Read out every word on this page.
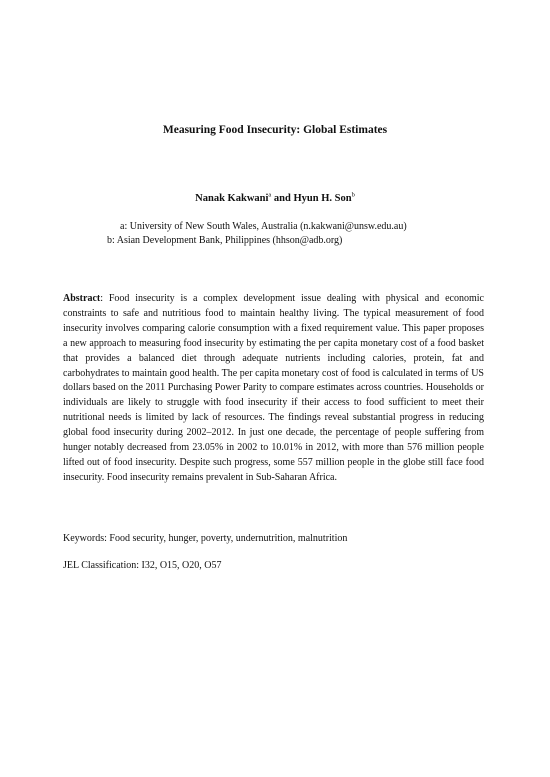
Measuring Food Insecurity: Global Estimates
Nanak Kakwani$^a$ and Hyun H. Son$^b$
a: University of New South Wales, Australia (n.kakwani@unsw.edu.au)
b: Asian Development Bank, Philippines (hhson@adb.org)

Abstract: Food insecurity is a complex development issue dealing with physical and economic constraints to safe and nutritious food to maintain healthy living. The typical measurement of food insecurity involves comparing calorie consumption with a fixed requirement value. This paper proposes a new approach to measuring food insecurity by estimating the per capita monetary cost of a food basket that provides a balanced diet through adequate nutrients including calories, protein, fat and carbohydrates to maintain good health. The per capita monetary cost of food is calculated in terms of US dollars based on the 2011 Purchasing Power Parity to compare estimates across countries. Households or individuals are likely to struggle with food insecurity if their access to food sufficient to meet their nutritional needs is limited by lack of resources. The findings reveal substantial progress in reducing global food insecurity during 2002–2012. In just one decade, the percentage of people suffering from hunger notably decreased from 23.05% in 2002 to 10.01% in 2012, with more than 576 million people lifted out of food insecurity. Despite such progress, some 557 million people in the globe still face food insecurity. Food insecurity remains prevalent in Sub-Saharan Africa.

Keywords: Food security, hunger, poverty, undernutrition, malnutrition
JEL Classification: I32, O15, O20, O57
